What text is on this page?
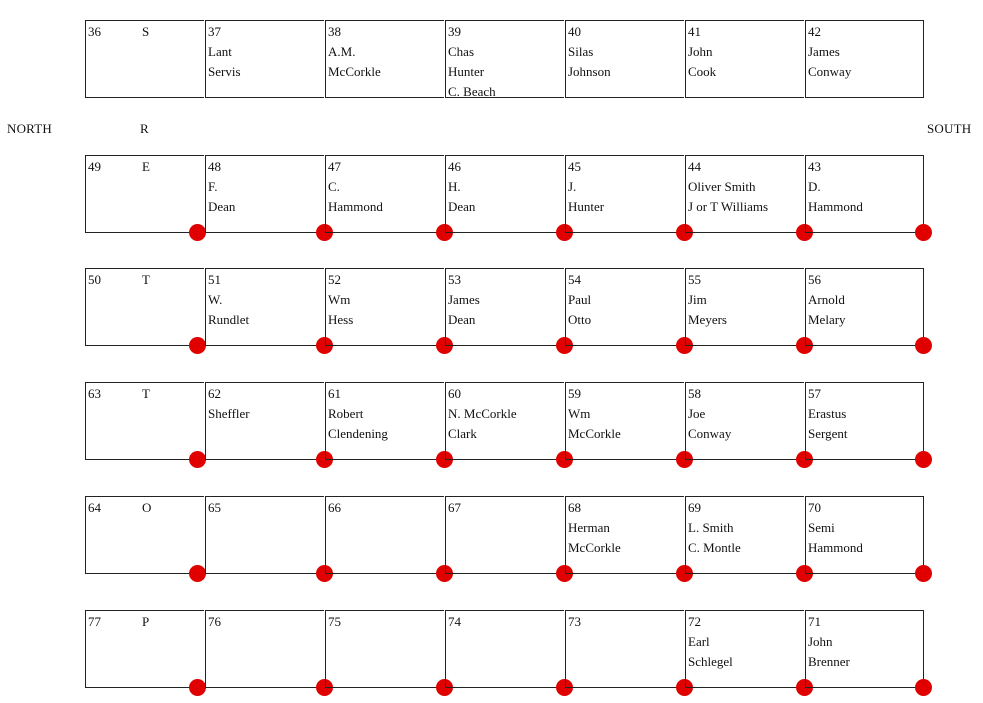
NORTH	SOUTH
R
36	S	37
Lant
Servis
38
A.M.
McCorkle
39
Chas
Hunter
C. Beach
40
Silas
Johnson
41
John
Cook
42
James
Conway
49	E	48
F.
Dean
47
C.
Hammond
46
H.
Dean
45
J.
Hunter
44
Oliver Smith
J or T Williams
43
D.
Hammond
50	T	51
W.
Rundlet
52
Wm
Hess
53
James
Dean
54
Paul
Otto
55
Jim
Meyers
56
Arnold
Melary
63	T	62
Sheffler
61
Robert
Clendening
60
N. McCorkle
Clark
59
Wm
McCorkle
58
Joe
Conway
57
Erastus
Sergent
64	O	65	66	67	68
Herman
McCorkle
69
L. Smith
C. Montle
70
Semi
Hammond
77	P	76	75	74	73	72
Earl
Schlegel
71
John
Brenner
